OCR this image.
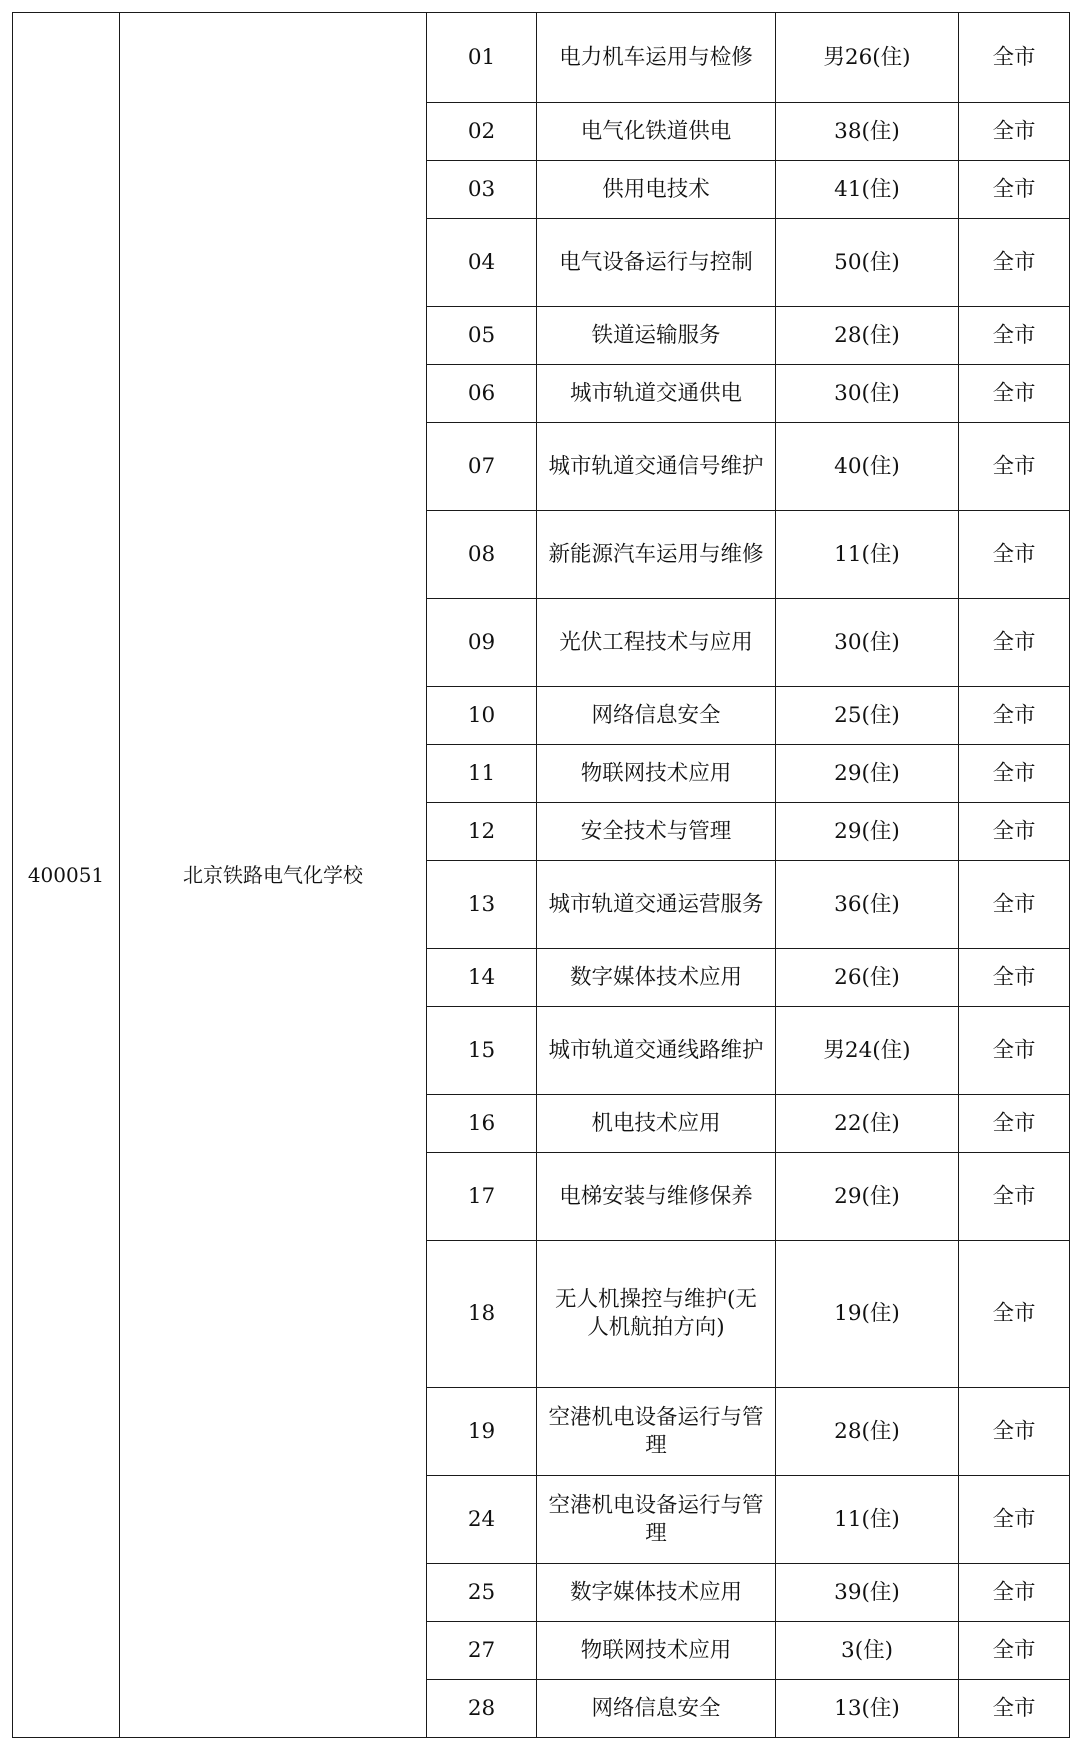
400051	北京铁路电气化学校	01	电力机车运用与检修	男26(住)	全市
		02	电气化铁道供电	38(住)	全市
		03	供用电技术	41(住)	全市
		04	电气设备运行与控制	50(住)	全市
		05	铁道运输服务	28(住)	全市
		06	城市轨道交通供电	30(住)	全市
		07	城市轨道交通信号维护	40(住)	全市
		08	新能源汽车运用与维修	11(住)	全市
		09	光伏工程技术与应用	30(住)	全市
		10	网络信息安全	25(住)	全市
		11	物联网技术应用	29(住)	全市
		12	安全技术与管理	29(住)	全市
		13	城市轨道交通运营服务	36(住)	全市
		14	数字媒体技术应用	26(住)	全市
		15	城市轨道交通线路维护	男24(住)	全市
		16	机电技术应用	22(住)	全市
		17	电梯安装与维修保养	29(住)	全市
		18	无人机操控与维护(无人机航拍方向)	19(住)	全市
		19	空港机电设备运行与管理	28(住)	全市
		24	空港机电设备运行与管理	11(住)	全市
		25	数字媒体技术应用	39(住)	全市
		27	物联网技术应用	3(住)	全市
		28	网络信息安全	13(住)	全市
